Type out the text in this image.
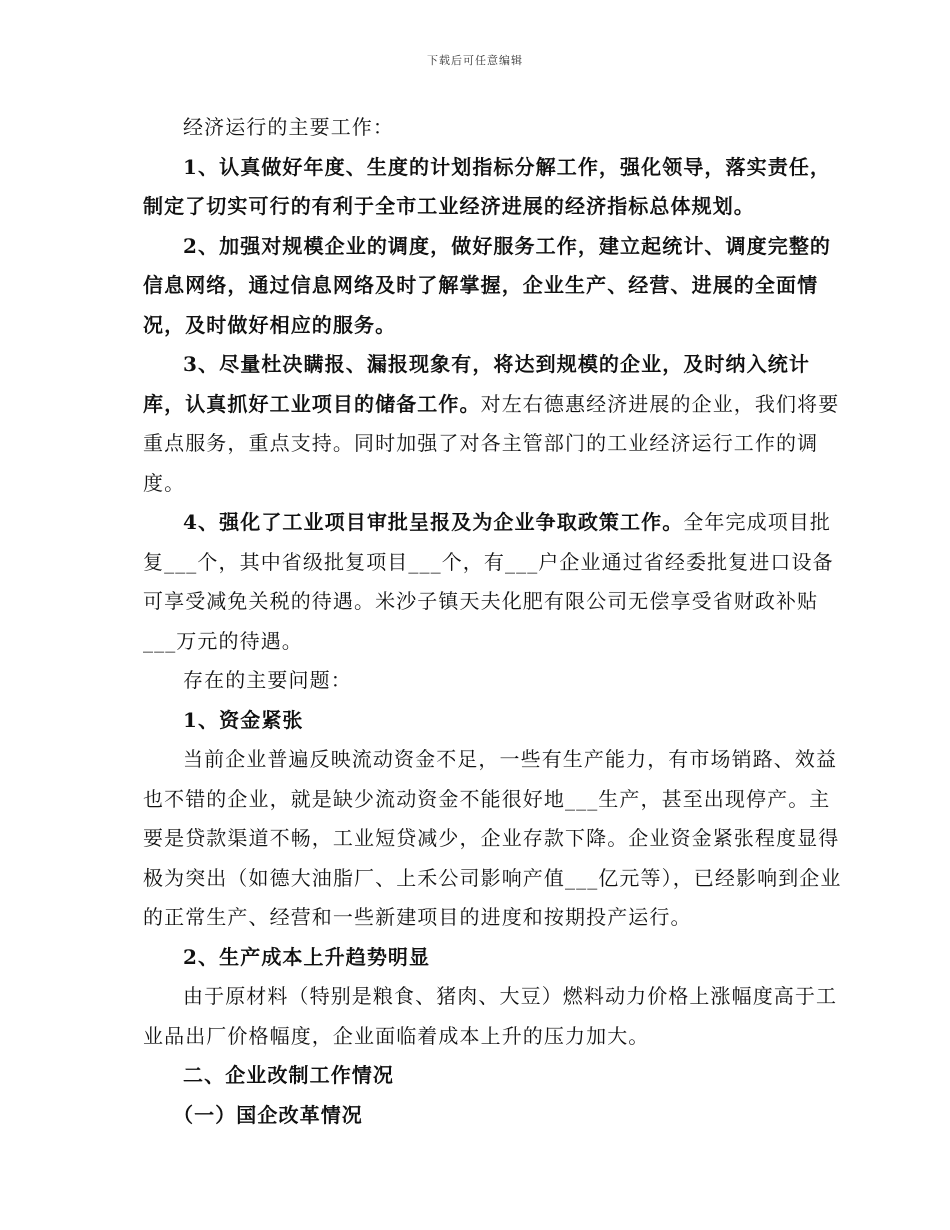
下载后可任意编辑

经济运行的主要工作：

1、认真做好年度、生度的计划指标分解工作，强化领导，落实责任，制定了切实可行的有利于全市工业经济进展的经济指标总体规划。

2、加强对规模企业的调度，做好服务工作，建立起统计、调度完整的信息网络，通过信息网络及时了解掌握，企业生产、经营、进展的全面情况，及时做好相应的服务。

3、尽量杜决瞒报、漏报现象有，将达到规模的企业，及时纳入统计库，认真抓好工业项目的储备工作。对左右德惠经济进展的企业，我们将要重点服务，重点支持。同时加强了对各主管部门的工业经济运行工作的调度。

4、强化了工业项目审批呈报及为企业争取政策工作。全年完成项目批复___个，其中省级批复项目___个，有___户企业通过省经委批复进口设备可享受减免关税的待遇。米沙子镇天夫化肥有限公司无偿享受省财政补贴___万元的待遇。

存在的主要问题：

1、资金紧张

当前企业普遍反映流动资金不足，一些有生产能力，有市场销路、效益也不错的企业，就是缺少流动资金不能很好地___生产，甚至出现停产。主要是贷款渠道不畅，工业短贷减少，企业存款下降。企业资金紧张程度显得极为突出（如德大油脂厂、上禾公司影响产值___亿元等），已经影响到企业的正常生产、经营和一些新建项目的进度和按期投产运行。

2、生产成本上升趋势明显

由于原材料（特别是粮食、猪肉、大豆）燃料动力价格上涨幅度高于工业品出厂价格幅度，企业面临着成本上升的压力加大。

二、企业改制工作情况

（一）国企改革情况
